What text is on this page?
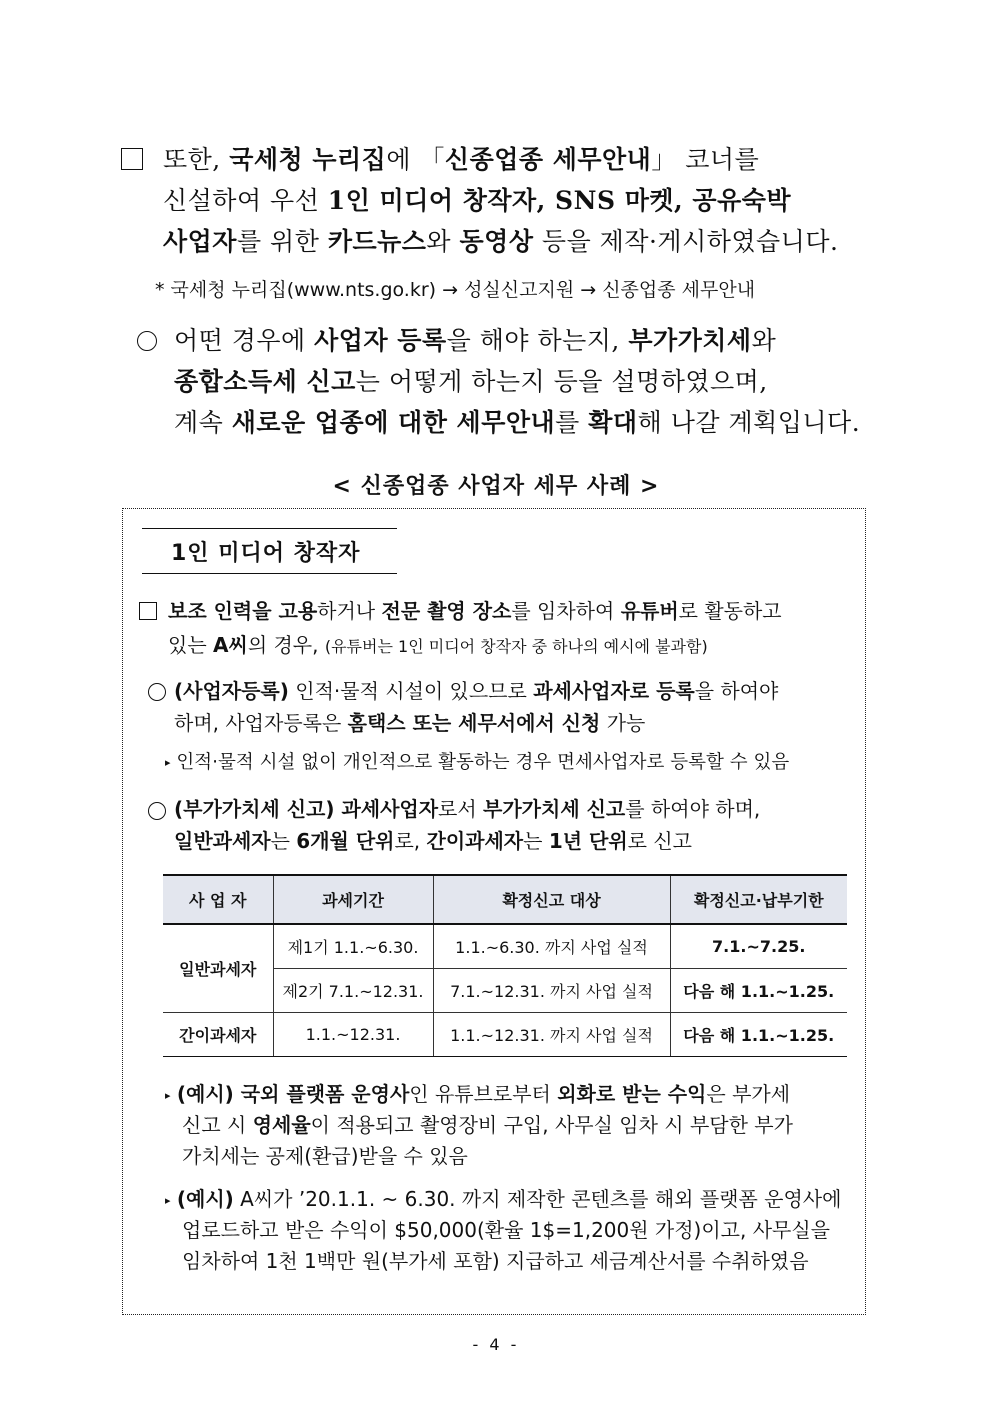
또한, 국세청 누리집에 「신종업종 세무안내」 코너를
신설하여 우선 1인 미디어 창작자, SNS 마켓, 공유숙박
사업자를 위한 카드뉴스와 동영상 등을 제작·게시하였습니다.
* 국세청 누리집(www.nts.go.kr) → 성실신고지원 → 신종업종 세무안내
어떤 경우에 사업자 등록을 해야 하는지, 부가가치세와
종합소득세 신고는 어떻게 하는지 등을 설명하였으며,
계속 새로운 업종에 대한 세무안내를 확대해 나갈 계획입니다.
< 신종업종 사업자 세무 사례 >
1인 미디어 창작자
보조 인력을 고용하거나 전문 촬영 장소를 임차하여 유튜버로 활동하고
있는 A씨의 경우, (유튜버는 1인 미디어 창작자 중 하나의 예시에 불과함)
(사업자등록) 인적·물적 시설이 있으므로 과세사업자로 등록을 하여야
하며, 사업자등록은 홈택스 또는 세무서에서 신청 가능
▸ 인적·물적 시설 없이 개인적으로 활동하는 경우 면세사업자로 등록할 수 있음
(부가가치세 신고) 과세사업자로서 부가가치세 신고를 하여야 하며,
일반과세자는 6개월 단위로, 간이과세자는 1년 단위로 신고
사 업 자	과세기간	확정신고 대상	확정신고·납부기한
일반과세자	제1기 1.1.~6.30.	1.1.~6.30. 까지 사업 실적	7.1.~7.25.
	제2기 7.1.~12.31.	7.1.~12.31. 까지 사업 실적	다음 해 1.1.~1.25.
간이과세자	1.1.~12.31.	1.1.~12.31. 까지 사업 실적	다음 해 1.1.~1.25.
▸ (예시) 국외 플랫폼 운영사인 유튜브로부터 외화로 받는 수익은 부가세
신고 시 영세율이 적용되고 촬영장비 구입, 사무실 임차 시 부담한 부가
가치세는 공제(환급)받을 수 있음
▸ (예시) A씨가 ’20.1.1. ~ 6.30. 까지 제작한 콘텐츠를 해외 플랫폼 운영사에
업로드하고 받은 수익이 $50,000(환율 1$=1,200원 가정)이고, 사무실을
임차하여 1천 1백만 원(부가세 포함) 지급하고 세금계산서를 수취하였음
- 4 -
